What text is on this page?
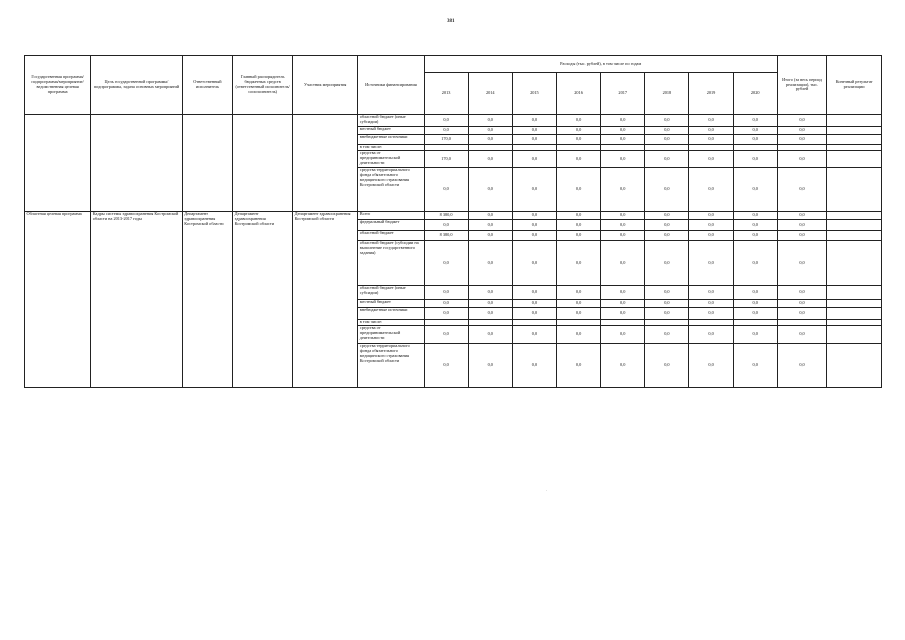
381
Государственная программа/подпрограмма/мероприятие/ведомственная целевая программа	Цель государственной программы/подпрограммы, задача основных мероприятий	Ответственный исполнитель	Главный распорядитель бюджетных средств (ответственный исполнитель/соисполнитель)	Участник мероприятия	Источники финансирования	Расходы (тыс. рублей), в том числе по годам								Итого (за весь период реализации), тыс. рублей	Конечный результат реализации
						2013	2014	2015	2016	2017	2018	2019	2020		
					областной бюджет (иные субсидии)	0,0	0,0	0,0	0,0	0,0	0,0	0,0	0,0	0,0	
					местный бюджет	0,0	0,0	0,0	0,0	0,0	0,0	0,0	0,0	0,0	
					внебюджетные источники	170,0	0,0	0,0	0,0	0,0	0,0	0,0	0,0	0,0	
					в том числе:										
					средства от предпринимательской деятельности	170,0	0,0	0,0	0,0	0,0	0,0	0,0	0,0	0,0	
					средства территориального фонда обязательного медицинского страхования Костромской области	0,0	0,0	0,0	0,0	0,0	0,0	0,0	0,0	0,0	
Областная целевая программа	Кадры системы здравоохранения Костромской области на 2013-2017 годы	Департамент здравоохранения Костромской области	Департамент здравоохранения Костромской области	Департамент здравоохранения Костромской области	Всего	8 380,0	0,0	0,0	0,0	0,0	0,0	0,0	0,0	0,0	
					федеральный бюджет	0,0	0,0	0,0	0,0	0,0	0,0	0,0	0,0	0,0	
					областной бюджет	8 380,0	0,0	0,0	0,0	0,0	0,0	0,0	0,0	0,0	
					областной бюджет (субсидии на выполнение государственного задания)	0,0	0,0	0,0	0,0	0,0	0,0	0,0	0,0	0,0	
					областной бюджет (иные субсидии)	0,0	0,0	0,0	0,0	0,0	0,0	0,0	0,0	0,0	
					местный бюджет	0,0	0,0	0,0	0,0	0,0	0,0	0,0	0,0	0,0	
					внебюджетные источники	0,0	0,0	0,0	0,0	0,0	0,0	0,0	0,0	0,0	
					в том числе:										
					средства от предпринимательской деятельности	0,0	0,0	0,0	0,0	0,0	0,0	0,0	0,0	0,0	
					средства территориального фонда обязательного медицинского страхования Костромской области	0,0	0,0	0,0	0,0	0,0	0,0	0,0	0,0	0,0	
·
